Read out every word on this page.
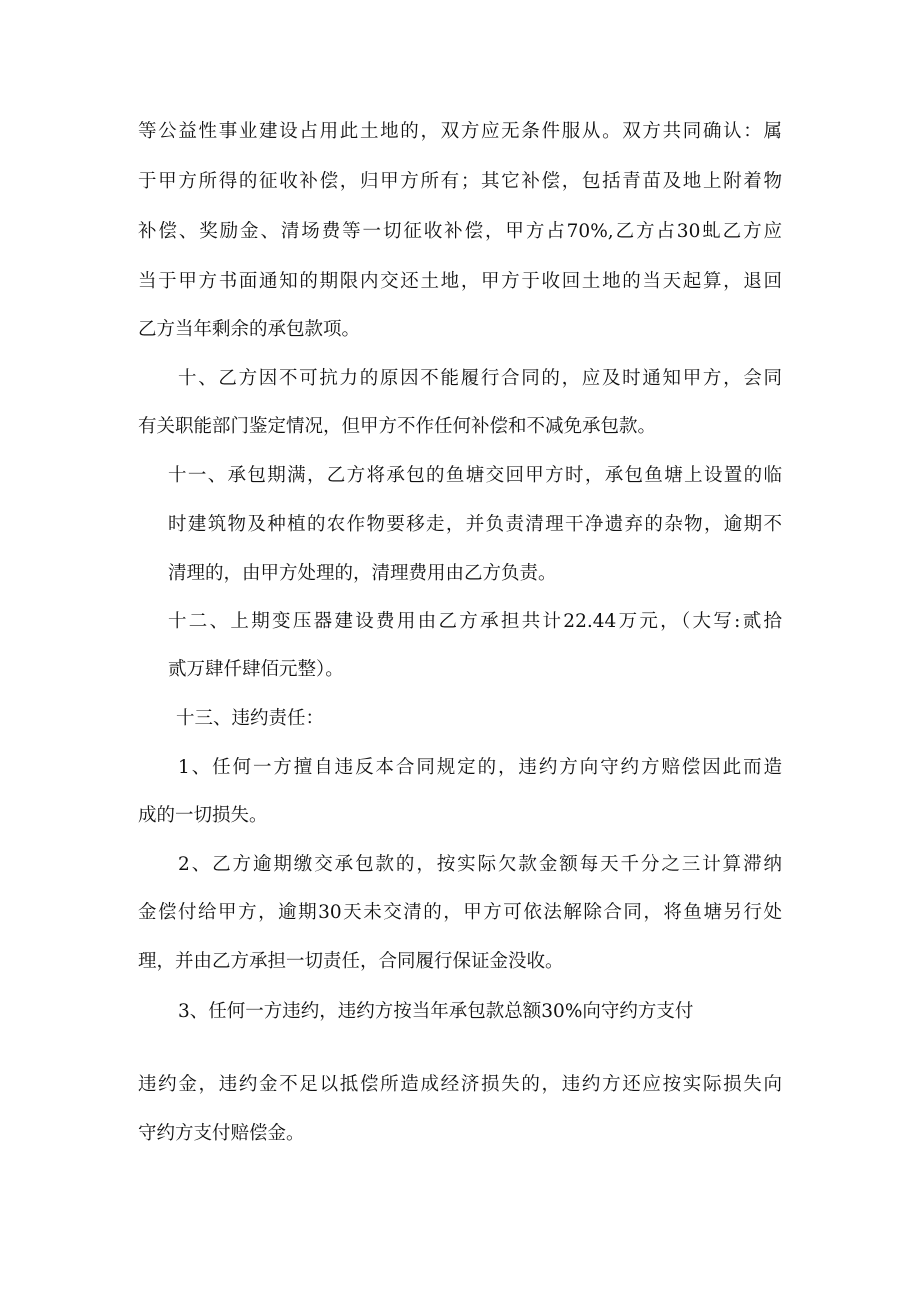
等公益性事业建设占用此土地的，双方应无条件服从。双方共同确认：属
于甲方所得的征收补偿，归甲方所有；其它补偿，包括青苗及地上附着物
补偿、奖励金、清场费等一切征收补偿，甲方占70%,乙方占30虬乙方应
当于甲方书面通知的期限内交还土地，甲方于收回土地的当天起算，退回
乙方当年剩余的承包款项。
十、乙方因不可抗力的原因不能履行合同的，应及时通知甲方，会同
有关职能部门鉴定情况，但甲方不作任何补偿和不减免承包款。
十一、承包期满，乙方将承包的鱼塘交回甲方时，承包鱼塘上设置的临
时建筑物及种植的农作物要移走，并负责清理干净遗弃的杂物，逾期不
清理的，由甲方处理的，清理费用由乙方负责。
十二、上期变压器建设费用由乙方承担共计22.44万元，（大写:贰拾
贰万肆仟肆佰元整）。
十三、违约责任：
1、任何一方擅自违反本合同规定的，违约方向守约方赔偿因此而造
成的一切损失。
2、乙方逾期缴交承包款的，按实际欠款金额每天千分之三计算滞纳
金偿付给甲方，逾期30天未交清的，甲方可依法解除合同，将鱼塘另行处
理，并由乙方承担一切责任，合同履行保证金没收。
3、任何一方违约，违约方按当年承包款总额30%向守约方支付
违约金，违约金不足以抵偿所造成经济损失的，违约方还应按实际损失向
守约方支付赔偿金。
